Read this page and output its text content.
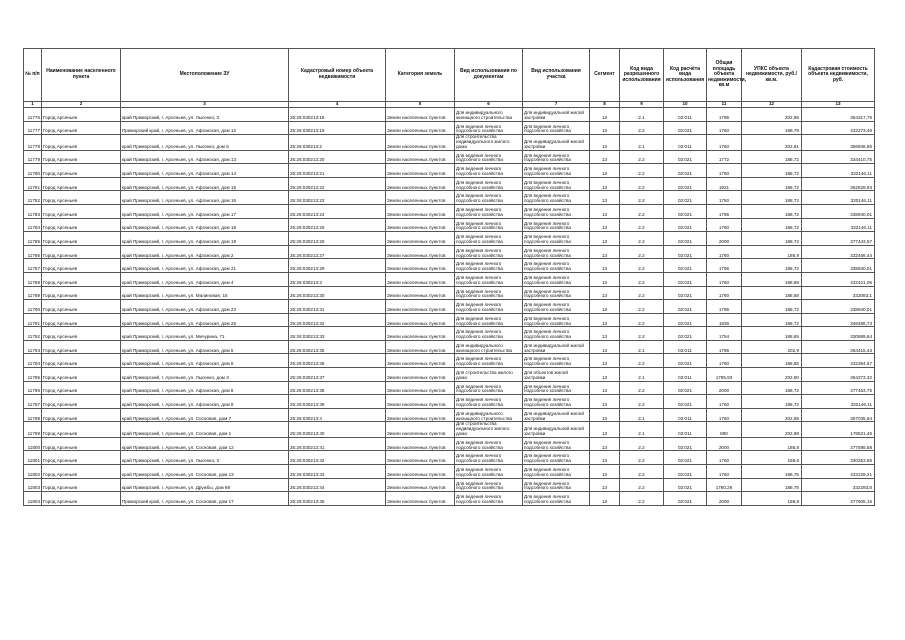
№ п/п	Наименование населенного пункта	Местоположение ЗУ	Кадастровый номер объекта недвижимости	Категория земель	Вид использования по документам	Вид использования участка	Сегмент	Код вида разрешенного использования	Код расчёта вида использования	Общая площадь объекта недвижимости, кв.м	УПКС объекта недвижимости, руб./кв.м.	Кадастровая стоимость объекта недвижимости, руб.
1	2	3	4	5	6	7	8	9	10	11	12	13
11776	Город Арсеньев	край Приморский, г. Арсеньев, ул. Лысенко, 3	25:26:030213:18	Земли населенных пунктов	Для индивидуального жилищного строительства	Для индивидуальной жилой застройки	13	2.1	02:011	1796	202,85	364317,76
11777	Город Арсеньев	Приморский край, г. Арсеньев, ул. Афганская, дом 12	25:26:030213:19	Земли населенных пунктов	Для ведения личного подсобного хозяйства	Для ведения личного подсобного хозяйства	13	2.2	02:021	1760	188,79	332273,46
11778	Город Арсеньев	край Приморский, г. Арсеньев, ул. Лысенко, дом 5	25:26:030213:2	Земли населенных пунктов	Для строительства индивидуального жилого дома	Для индивидуальной жилой застройки	13	2.1	02:011	1760	202,81	356946,56
11779	Город Арсеньев	край Приморский, г. Арсеньев, ул. Афганская, дом 13	25:26:030213:20	Земли населенных пунктов	Для ведения личного подсобного хозяйства	Для ведения личного подсобного хозяйства	13	2.2	02:021	1772	188,72	334410,75
11780	Город Арсеньев	край Приморский, г. Арсеньев, ул. Афганская, дом 14	25:26:030213:21	Земли населенных пунктов	Для ведения личного подсобного хозяйства	Для ведения личного подсобного хозяйства	13	2.2	02:021	1760	188,72	332146,11
11781	Город Арсеньев	край Приморский, г. Арсеньев, ул. Афганская, дом 15	25:26:030213:22	Земли населенных пунктов	Для ведения личного подсобного хозяйства	Для ведения личного подсобного хозяйства	13	2.2	02:021	1921	188,72	362529,93
11782	Город Арсеньев	край Приморский, г. Арсеньев, ул. Афганская, дом 16	25:26:030213:23	Земли населенных пунктов	Для ведения личного подсобного хозяйства	Для ведения личного подсобного хозяйства	13	2.2	02:021	1750	188,72	330146,11
11783	Город Арсеньев	край Приморский, г. Арсеньев, ул. Афганская, дом 17	25:26:030213:24	Земли населенных пунктов	Для ведения личного подсобного хозяйства	Для ведения личного подсобного хозяйства	13	2.2	02:021	1796	188,72	338940,01
11784	Город Арсеньев	край Приморский, г. Арсеньев, ул. Афганская, дом 18	25:26:030213:25	Земли населенных пунктов	Для ведения личного подсобного хозяйства	Для ведения личного подсобного хозяйства	13	2.2	02:021	1760	188,72	332146,11
11785	Город Арсеньев	край Приморский, г. Арсеньев, ул. Афганская, дом 19	25:26:030213:26	Земли населенных пунктов	Для ведения личного подсобного хозяйства	Для ведения личного подсобного хозяйства	13	2.2	02:021	2000	188,72	377443,57
11786	Город Арсеньев	край Приморский, г. Арсеньев, ул. Афганская, дом 2	25:26:030213:27	Земли населенных пунктов	Для ведения личного подсобного хозяйства	Для ведения личного подсобного хозяйства	13	2.2	02:021	1760	188,9	332456,44
11787	Город Арсеньев	край Приморский, г. Арсеньев, ул. Афганская, дом 21	25:26:030213:29	Земли населенных пунктов	Для ведения личного подсобного хозяйства	Для ведения личного подсобного хозяйства	13	2.2	02:021	1796	188,72	338940,01
11788	Город Арсеньев	край Приморский, г. Арсеньев, ул. Афганская, дом 4	25:26:030213:3	Земли населенных пунктов	Для ведения личного подсобного хозяйства	Для ведения личного подсобного хозяйства	13	2.2	02:021	1760	188,88	332421,05
11789	Город Арсеньев	край Приморский, г. Арсеньев, ул. Малиновая, 15	25:26:030213:30	Земли населенных пунктов	Для ведения личного подсобного хозяйства	Для ведения личного подсобного хозяйства	13	2.2	02:021	1760	188,68	332083,1
11790	Город Арсеньев	край Приморский, г. Арсеньев, ул. Афганская, дом 23	25:26:030213:31	Земли населенных пунктов	Для ведения личного подсобного хозяйства	Для ведения личного подсобного хозяйства	13	2.2	02:021	1796	188,72	338940,01
11791	Город Арсеньев	край Приморский, г. Арсеньев, ул. Афганская, дом 25	25:26:030213:32	Земли населенных пунктов	Для ведения личного подсобного хозяйства	Для ведения личного подсобного хозяйства	13	2.2	02:021	1836	188,72	346488,73
11792	Город Арсеньев	край Приморский, г. Арсеньев, ул. Мичурина, 71	25:26:030213:33	Земли населенных пунктов	Для ведения личного подсобного хозяйства	Для ведения личного подсобного хозяйства	13	2.2	02:021	1754	188,65	330889,64
11793	Город Арсеньев	край Приморский, г. Арсеньев, ул. Афганская, дом 5	25:26:030213:35	Земли населенных пунктов	Для индивидуального жилищного строительства	Для индивидуальной жилой застройки	13	2.1	02:011	1796	202,9	364415,43
11794	Город Арсеньев	край Приморский, г. Арсеньев, ул. Афганская, дом 6	25:26:030213:36	Земли населенных пунктов	Для ведения личного подсобного хозяйства	Для ведения личного подсобного хозяйства	13	2.2	02:021	1760	188,85	332384,67
11795	Город Арсеньев	край Приморский, г. Арсеньев, ул. Лысенко, дом 3	25:26:030213:37	Земли населенных пунктов	Для строительства жилого дома	Для объектов жилой застройки	13	2.1	02:011	1795,93	202,80	364373,32
11796	Город Арсеньев	край Приморский, г. Арсеньев, ул. Афганская, дом 8	25:26:030213:38	Земли населенных пунктов	Для ведения личного подсобного хозяйства	Для ведения личного подсобного хозяйства	13	2.2	02:021	2000	188,72	377453,75
11797	Город Арсеньев	край Приморский, г. Арсеньев, ул. Афганская, дом 9	25:26:030213:39	Земли населенных пунктов	Для ведения личного подсобного хозяйства	Для ведения личного подсобного хозяйства	13	2.2	02:021	1760	188,72	332146,11
11798	Город Арсеньев	край Приморский, г. Арсеньев, ул. Сосновая, дом 7	25:26:030213:4	Земли населенных пунктов	Для индивидуального жилищного строительства	Для индивидуальной жилой застройки	13	2.1	02:011	1760	202,85	357035,94
11799	Город Арсеньев	край Приморский, г. Арсеньев, ул. Сосновая, дом 1	25:26:030213:40	Земли населенных пунктов	Для строительства индивидуального жилого дома	Для индивидуальной жилой застройки	13	2.1	02:011	880	202,88	178521,46
11800	Город Арсеньев	край Приморский, г. Арсеньев, ул. Сосновая, дом 12	25:26:030213:41	Земли населенных пунктов	Для ведения личного подсобного хозяйства	Для ведения личного подсобного хозяйства	13	2.2	02:021	2000	188,8	377595,58
11801	Город Арсеньев	край Приморский, г. Арсеньев, ул. Лысенко, 3	25:26:030213:42	Земли населенных пунктов	Для ведения личного подсобного хозяйства	Для ведения личного подсобного хозяйства	13	2.2	02:021	1760	188,5	330263,55
11802	Город Арсеньев	край Приморский, г. Арсеньев, ул. Сосновая, дом 13	25:26:030213:43	Земли населенных пунктов	Для ведения личного подсобного хозяйства	Для ведения личного подсобного хозяйства	13	2.2	02:021	1760	188,75	332229,21
11803	Город Арсеньев	край Приморский, г. Арсеньев, ул. Дружбы, дом 69	25:26:030213:44	Земли населенных пунктов	Для ведения личного подсобного хозяйства	Для ведения личного подсобного хозяйства	13	2.2	02:021	1760,26	188,78	332293,8
11804	Город Арсеньев	Приморский край, г. Арсеньев, ул. Сосновая, дом 17	25:26:030213:45	Земли населенных пунктов	Для ведения личного подсобного хозяйства	Для ведения личного подсобного хозяйства	13	2.2	02:021	2000	188,8	377605,16
